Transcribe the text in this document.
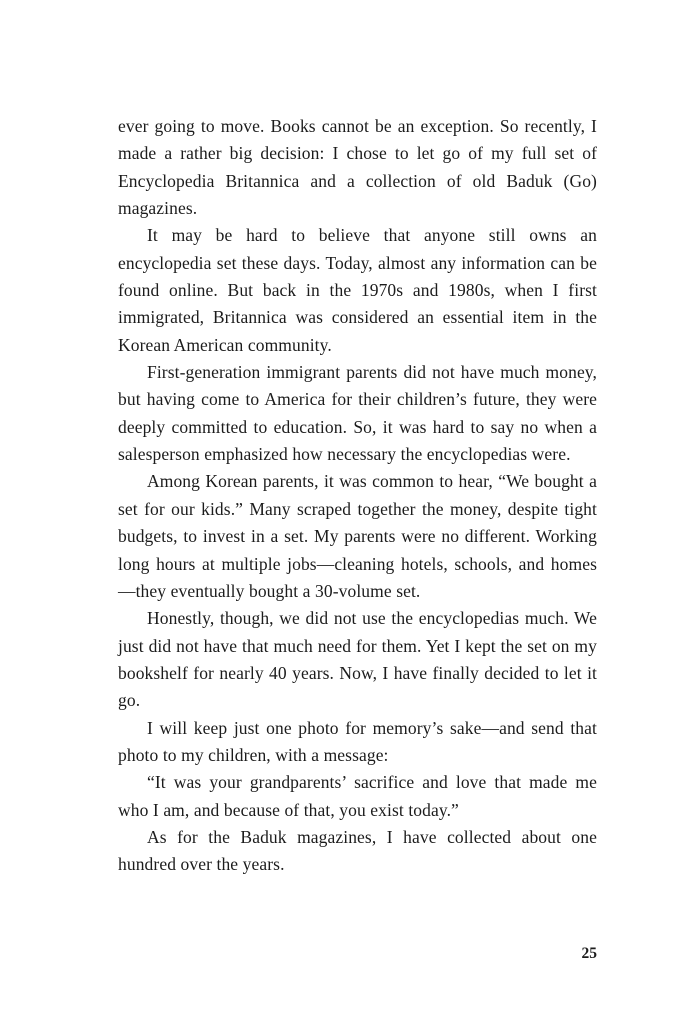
ever going to move. Books cannot be an exception. So recently, I made a rather big decision: I chose to let go of my full set of Encyclopedia Britannica and a collection of old Baduk (Go) magazines.

It may be hard to believe that anyone still owns an encyclopedia set these days. Today, almost any information can be found online. But back in the 1970s and 1980s, when I first immigrated, Britannica was considered an essential item in the Korean American community.

First-generation immigrant parents did not have much money, but having come to America for their children’s future, they were deeply committed to education. So, it was hard to say no when a salesperson emphasized how necessary the encyclopedias were.

Among Korean parents, it was common to hear, “We bought a set for our kids.” Many scraped together the money, despite tight budgets, to invest in a set. My parents were no different. Working long hours at multiple jobs—cleaning hotels, schools, and homes—they eventually bought a 30-volume set.

Honestly, though, we did not use the encyclopedias much. We just did not have that much need for them. Yet I kept the set on my bookshelf for nearly 40 years. Now, I have finally decided to let it go.

I will keep just one photo for memory’s sake—and send that photo to my children, with a message:

“It was your grandparents’ sacrifice and love that made me who I am, and because of that, you exist today.”

As for the Baduk magazines, I have collected about one hundred over the years.

25
